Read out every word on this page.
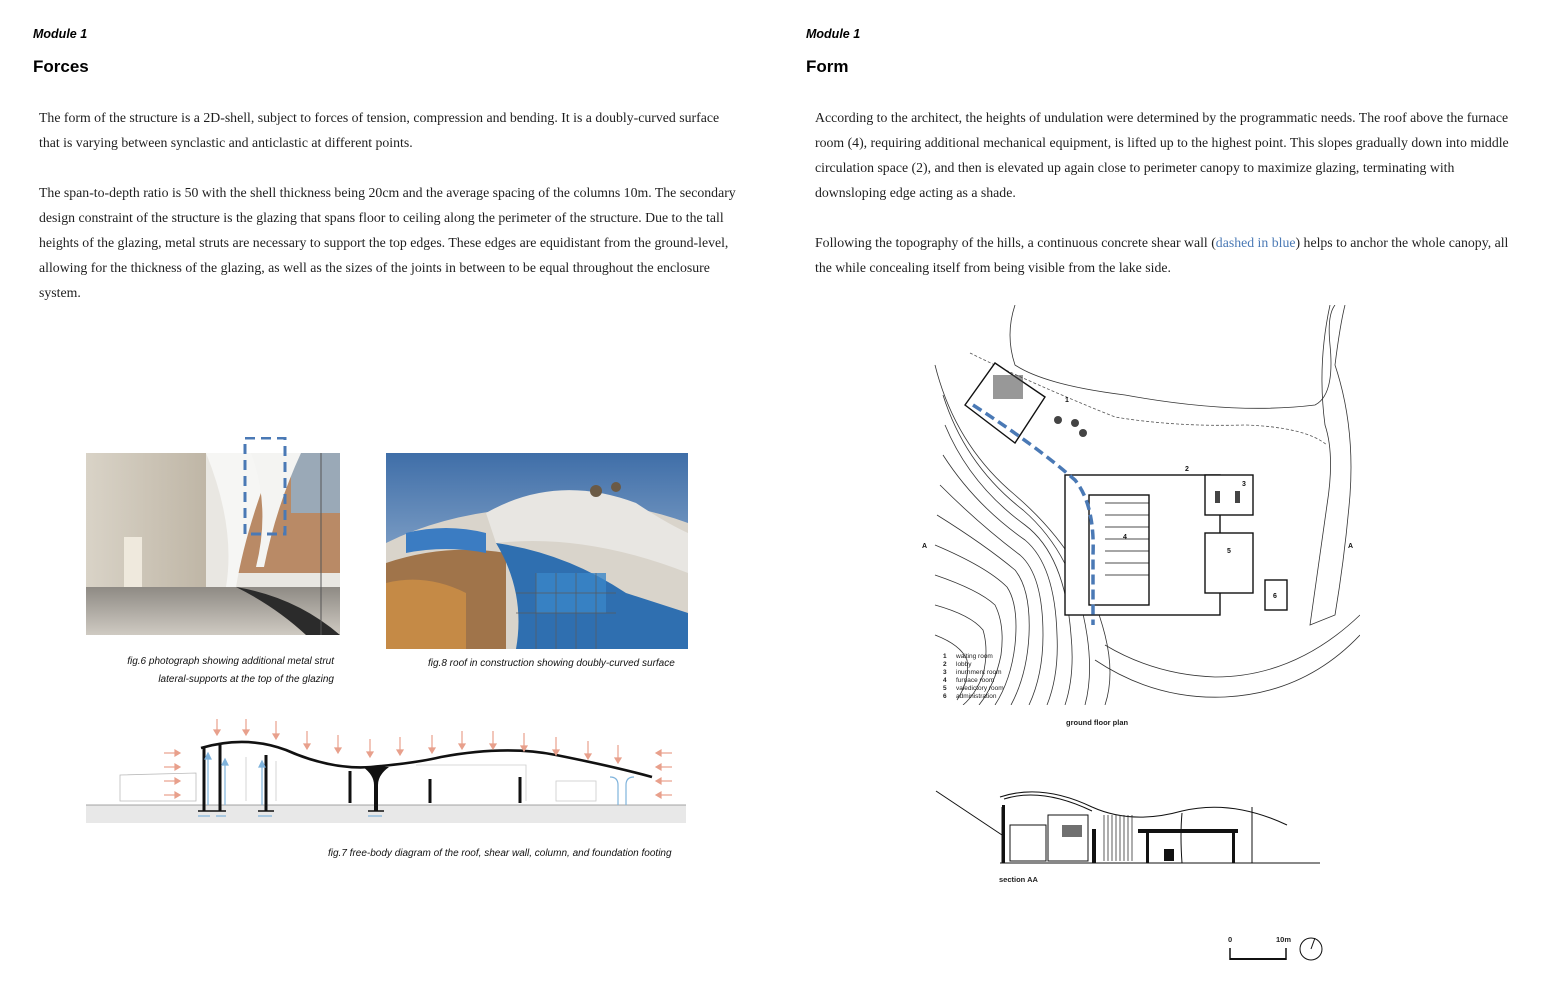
Module 1
Forces

The form of the structure is a 2D-shell, subject to forces of tension, compression and bending. It is a doubly-curved surface that is varying between synclastic and anticlastic at different points.

The span-to-depth ratio is 50 with the shell thickness being 20cm and the average spacing of the columns 10m. The secondary design constraint of the structure is the glazing that spans floor to ceiling along the perimeter of the structure. Due to the tall heights of the glazing, metal struts are necessary to support the top edges. These edges are equidistant from the ground-level, allowing for the thickness of the glazing, as well as the sizes of the joints in between to be equal throughout the enclosure system.

fig.6 photograph showing additional metal strut
lateral-supports at the top of the glazing
fig.8 roof in construction showing doubly-curved surface
fig.7 free-body diagram of the roof, shear wall, column, and foundation footing
Module 1
Form

According to the architect, the heights of undulation were determined by the programmatic needs. The roof above the furnace room (4), requiring additional mechanical equipment, is lifted up to the highest point. This slopes gradually down into middle circulation space (2), and then is elevated up again close to perimeter canopy to maximize glazing, terminating with downsloping edge acting as a shade.

Following the topography of the hills, a continuous concrete shear wall (dashed in blue) helps to anchor the whole canopy, all the while concealing itself from being visible from the lake side.

1
2
3
4
5
6
A	A
1 waiting room
2 lobby
3 inurnment room
4 furnace room
5 valedictory room
6 administration
ground floor plan
section AA
0	10m
